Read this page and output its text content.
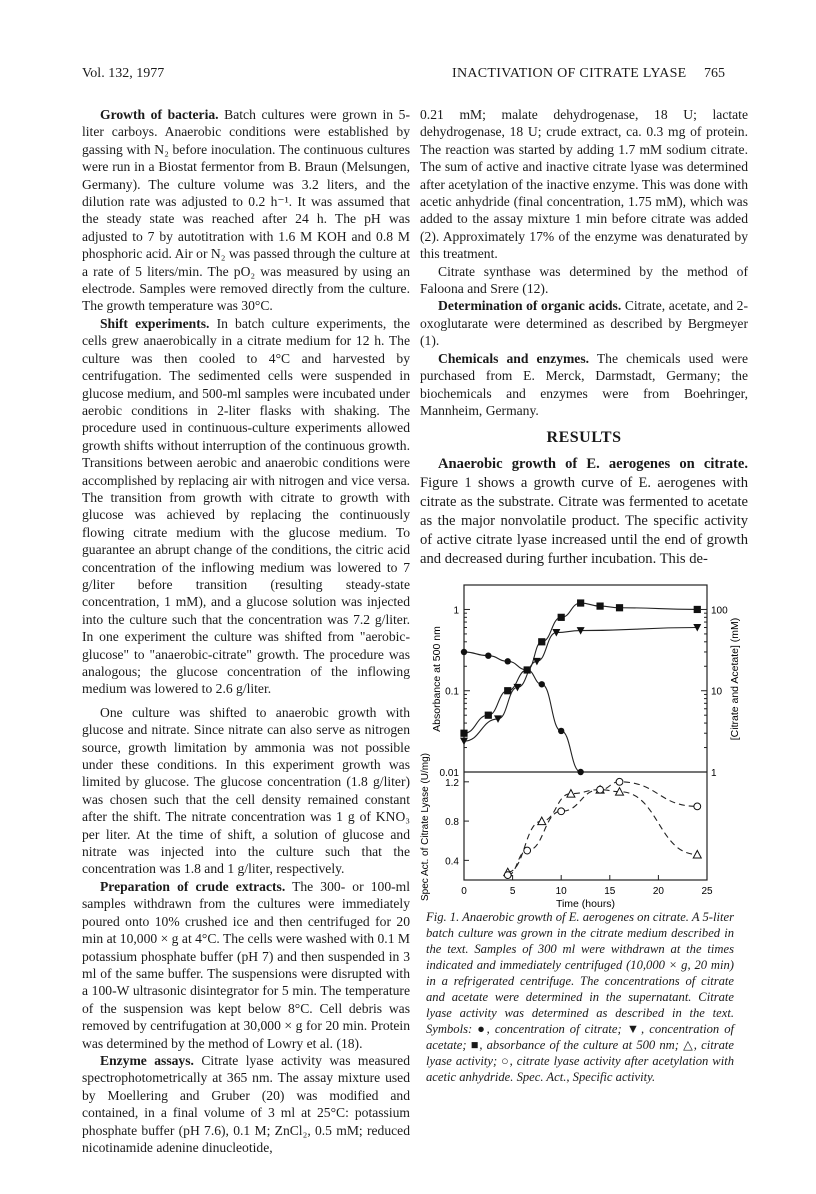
Vol. 132, 1977	INACTIVATION OF CITRATE LYASE 765

Growth of bacteria. Batch cultures were grown in 5-liter carboys. Anaerobic conditions were established by gassing with N₂ before inoculation. The continuous cultures were run in a Biostat fermentor from B. Braun (Melsungen, Germany). The culture volume was 3.2 liters, and the dilution rate was adjusted to 0.2 h⁻¹. It was assumed that the steady state was reached after 24 h. The pH was adjusted to 7 by autotitration with 1.6 M KOH and 0.8 M phosphoric acid. Air or N₂ was passed through the culture at a rate of 5 liters/min. The pO₂ was measured by using an electrode. Samples were removed directly from the culture. The growth temperature was 30°C.

Shift experiments. In batch culture experiments, the cells grew anaerobically in a citrate medium for 12 h. The culture was then cooled to 4°C and harvested by centrifugation. The sedimented cells were suspended in glucose medium, and 500-ml samples were incubated under aerobic conditions in 2-liter flasks with shaking. The procedure used in continuous-culture experiments allowed growth shifts without interruption of the continuous growth. Transitions between aerobic and anaerobic conditions were accomplished by replacing air with nitrogen and vice versa. The transition from growth with citrate to growth with glucose was achieved by replacing the continuously flowing citrate medium with the glucose medium. To guarantee an abrupt change of the conditions, the citric acid concentration of the inflowing medium was lowered to 7 g/liter before transition (resulting steady-state concentration, 1 mM), and a glucose solution was injected into the culture such that the concentration was 7.2 g/liter. In one experiment the culture was shifted from "aerobic-glucose" to "anaerobic-citrate" growth. The procedure was analogous; the glucose concentration of the inflowing medium was lowered to 2.6 g/liter.

One culture was shifted to anaerobic growth with glucose and nitrate. Since nitrate can also serve as nitrogen source, growth limitation by ammonia was not possible under these conditions. In this experiment growth was limited by glucose. The glucose concentration (1.8 g/liter) was chosen such that the cell density remained constant after the shift. The nitrate concentration was 1 g of KNO₃ per liter. At the time of shift, a solution of glucose and nitrate was injected into the culture such that the concentration was 1.8 and 1 g/liter, respectively.

Preparation of crude extracts. The 300- or 100-ml samples withdrawn from the cultures were immediately poured onto 10% crushed ice and then centrifuged for 20 min at 10,000 × g at 4°C. The cells were washed with 0.1 M potassium phosphate buffer (pH 7) and then suspended in 3 ml of the same buffer. The suspensions were disrupted with a 100-W ultrasonic disintegrator for 5 min. The temperature of the suspension was kept below 8°C. Cell debris was removed by centrifugation at 30,000 × g for 20 min. Protein was determined by the method of Lowry et al. (18).

Enzyme assays. Citrate lyase activity was measured spectrophotometrically at 365 nm. The assay mixture used by Moellering and Gruber (20) was modified and contained, in a final volume of 3 ml at 25°C: potassium phosphate buffer (pH 7.6), 0.1 M; ZnCl₂, 0.5 mM; reduced nicotinamide adenine dinucleotide,

0.21 mM; malate dehydrogenase, 18 U; lactate dehydrogenase, 18 U; crude extract, ca. 0.3 mg of protein. The reaction was started by adding 1.7 mM sodium citrate. The sum of active and inactive citrate lyase was determined after acetylation of the inactive enzyme. This was done with acetic anhydride (final concentration, 1.75 mM), which was added to the assay mixture 1 min before citrate was added (2). Approximately 17% of the enzyme was denaturated by this treatment.

Citrate synthase was determined by the method of Faloona and Srere (12).

Determination of organic acids. Citrate, acetate, and 2-oxoglutarate were determined as described by Bergmeyer (1).

Chemicals and enzymes. The chemicals used were purchased from E. Merck, Darmstadt, Germany; the biochemicals and enzymes were from Boehringer, Mannheim, Germany.

RESULTS

Anaerobic growth of E. aerogenes on citrate. Figure 1 shows a growth curve of E. aerogenes with citrate as the substrate. Citrate was fermented to acetate as the major nonvolatile product. The specific activity of active citrate lyase increased until the end of growth and decreased during further incubation. This de-

1
0.1
0.01
100
10
1
Absorbance at 500 nm	[Citrate and Acetate] (mM)
0.4
0.8
1.2
0	5	10	15	20	25
Spec Act. of Citrate Lyase (U/mg)
Time (hours)
Fig. 1. Anaerobic growth of E. aerogenes on citrate. A 5-liter batch culture was grown in the citrate medium described in the text. Samples of 300 ml were withdrawn at the times indicated and immediately centrifuged (10,000 × g, 20 min) in a refrigerated centrifuge. The concentrations of citrate and acetate were determined in the supernatant. Citrate lyase activity was determined as described in the text. Symbols: ●, concentration of citrate; ▼, concentration of acetate; ■, absorbance of the culture at 500 nm; △, citrate lyase activity; ○, citrate lyase activity after acetylation with acetic anhydride. Spec. Act., Specific activity.
